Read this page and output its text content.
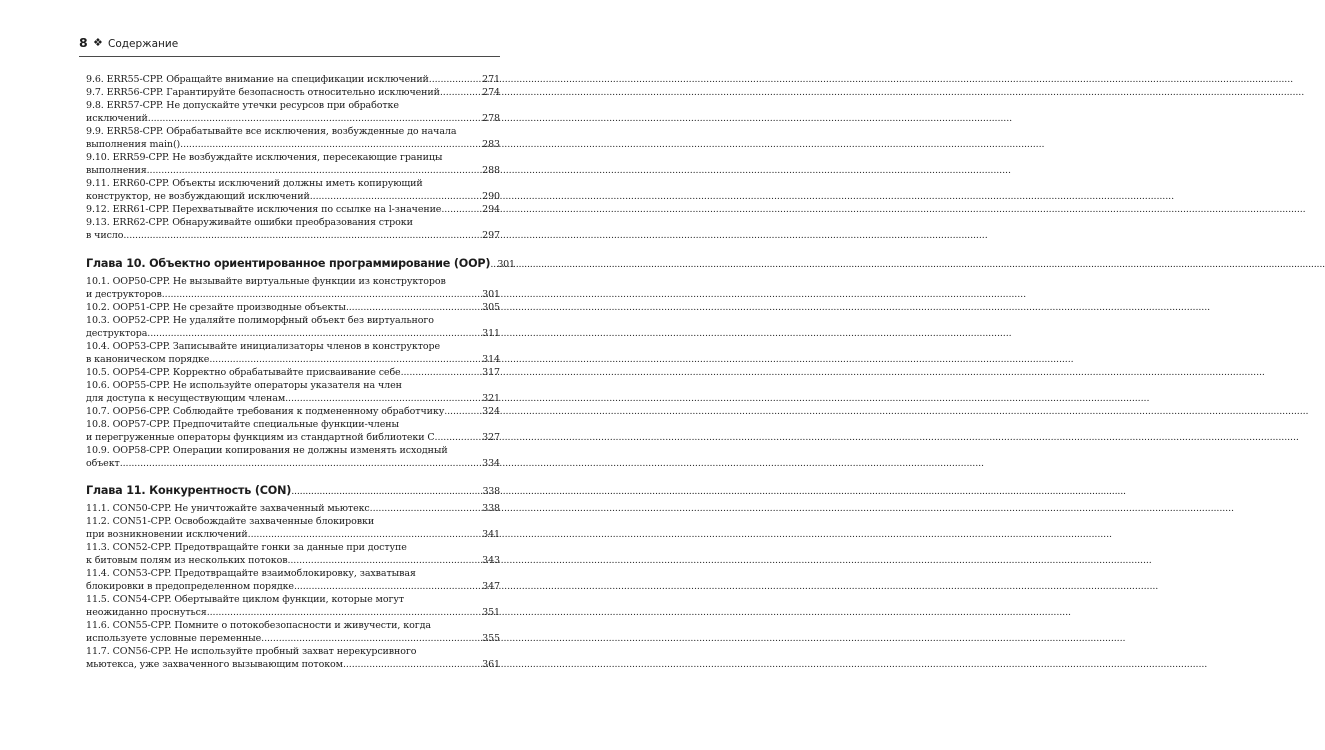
8 ❖ Содержание
9.6. ERR55-CPP. Обращайте внимание на спецификации исключений .....	271
9.7. ERR56-CPP. Гарантируйте безопасность относительно исключений .....	274
9.8. ERR57-CPP. Не допускайте утечки ресурсов при обработке
исключений .....	278
9.9. ERR58-CPP. Обрабатывайте все исключения, возбужденные до начала
выполнения main() .....	283
9.10. ERR59-CPP. Не возбуждайте исключения, пересекающие границы
выполнения .....	288
9.11. ERR60-CPP. Объекты исключений должны иметь копирующий
конструктор, не возбуждающий исключений .....	290
9.12. ERR61-CPP. Перехватывайте исключения по ссылке на l-значение .....	294
9.13. ERR62-CPP. Обнаруживайте ошибки преобразования строки
в число .....	297
Глава 10. Объектно ориентированное программирование (OOP) ..... 301
10.1. OOP50-CPP. Не вызывайте виртуальные функции из конструкторов
и деструкторов .....	301
10.2. OOP51-CPP. Не срезайте производные объекты .....	305
10.3. OOP52-CPP. Не удаляйте полиморфный объект без виртуального
деструктора .....	311
10.4. OOP53-CPP. Записывайте инициализаторы членов в конструкторе
в каноническом порядке .....	314
10.5. OOP54-CPP. Корректно обрабатывайте присваивание себе .....	317
10.6. OOP55-CPP. Не используйте операторы указателя на член
для доступа к несуществующим членам .....	321
10.7. OOP56-CPP. Соблюдайте требования к подмененному обработчику .....	324
10.8. OOP57-CPP. Предпочитайте специальные функции-члены
и перегруженные операторы функциям из стандартной библиотеки C .....	327
10.9. OOP58-CPP. Операции копирования не должны изменять исходный
объект .....	334
Глава 11. Конкурентность (CON) .....	338
11.1. CON50-CPP. Не уничтожайте захваченный мьютекс .....	338
11.2. CON51-CPP. Освобождайте захваченные блокировки
при возникновении исключений .....	341
11.3. CON52-CPP. Предотвращайте гонки за данные при доступе
к битовым полям из нескольких потоков .....	343
11.4. CON53-CPP. Предотвращайте взаимоблокировку, захватывая
блокировки в предопределенном порядке .....	347
11.5. CON54-CPP. Обертывайте циклом функции, которые могут
неожиданно проснуться .....	351
11.6. CON55-CPP. Помните о потокобезопасности и живучести, когда
используете условные переменные .....	355
11.7. CON56-CPP. Не используйте пробный захват нерекурсивного
мьютекса, уже захваченного вызывающим потоком .....	361
